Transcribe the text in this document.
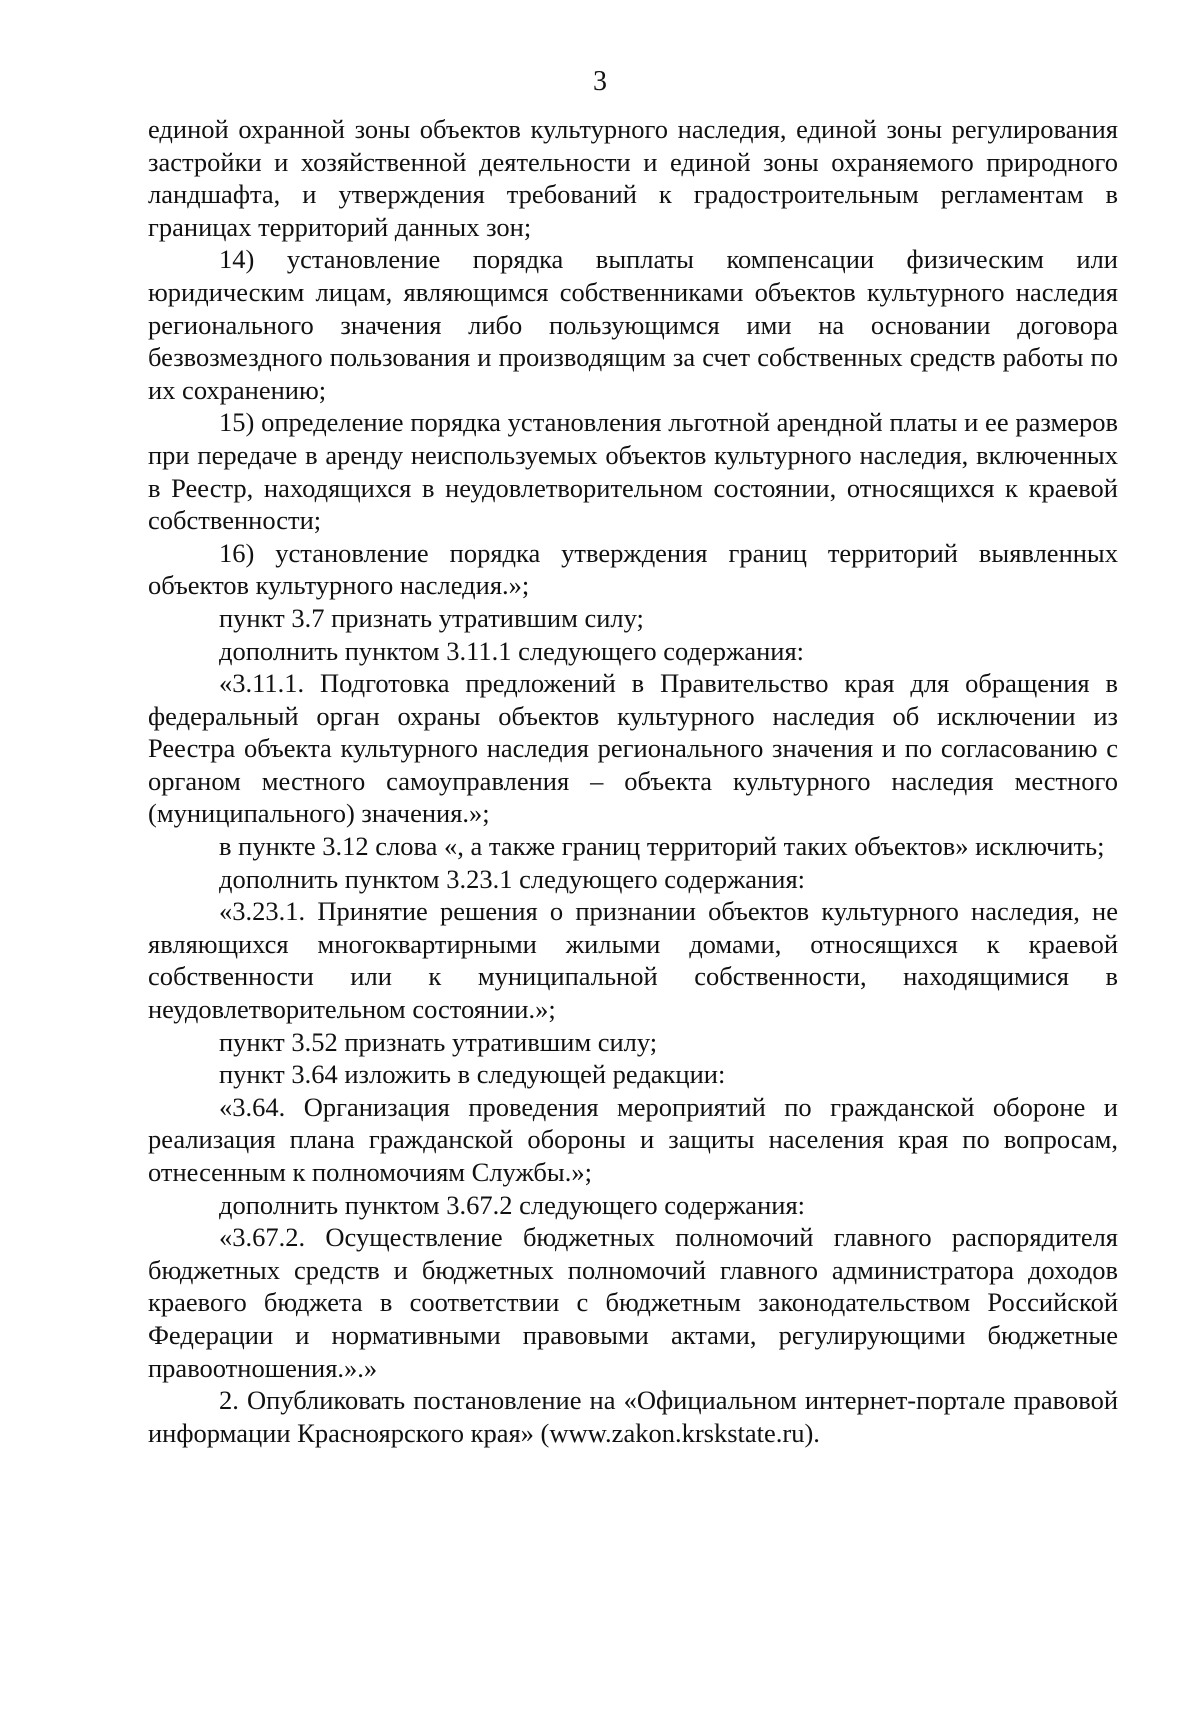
3

единой охранной зоны объектов культурного наследия, единой зоны регулирования застройки и хозяйственной деятельности и единой зоны охраняемого природного ландшафта, и утверждения требований к градостроительным регламентам в границах территорий данных зон;

14) установление порядка выплаты компенсации физическим или юридическим лицам, являющимся собственниками объектов культурного наследия регионального значения либо пользующимся ими на основании договора безвозмездного пользования и производящим за счет собственных средств работы по их сохранению;

15) определение порядка установления льготной арендной платы и ее размеров при передаче в аренду неиспользуемых объектов культурного наследия, включенных в Реестр, находящихся в неудовлетворительном состоянии, относящихся к краевой собственности;

16) установление порядка утверждения границ территорий выявленных объектов культурного наследия.»;

пункт 3.7 признать утратившим силу;

дополнить пунктом 3.11.1 следующего содержания:

«3.11.1. Подготовка предложений в Правительство края для обращения в федеральный орган охраны объектов культурного наследия об исключении из Реестра объекта культурного наследия регионального значения и по согласованию с органом местного самоуправления – объекта культурного наследия местного (муниципального) значения.»;

в пункте 3.12 слова «, а также границ территорий таких объектов» исключить;

дополнить пунктом 3.23.1 следующего содержания:

«3.23.1. Принятие решения о признании объектов культурного наследия, не являющихся многоквартирными жилыми домами, относящихся к краевой собственности или к муниципальной собственности, находящимися в неудовлетворительном состоянии.»;

пункт 3.52 признать утратившим силу;

пункт 3.64 изложить в следующей редакции:

«3.64. Организация проведения мероприятий по гражданской обороне и реализация плана гражданской обороны и защиты населения края по вопросам, отнесенным к полномочиям Службы.»;

дополнить пунктом 3.67.2 следующего содержания:

«3.67.2. Осуществление бюджетных полномочий главного распорядителя бюджетных средств и бюджетных полномочий главного администратора доходов краевого бюджета в соответствии с бюджетным законодательством Российской Федерации и нормативными правовыми актами, регулирующими бюджетные правоотношения.».»

2. Опубликовать постановление на «Официальном интернет-портале правовой информации Красноярского края» (www.zakon.krskstate.ru).
